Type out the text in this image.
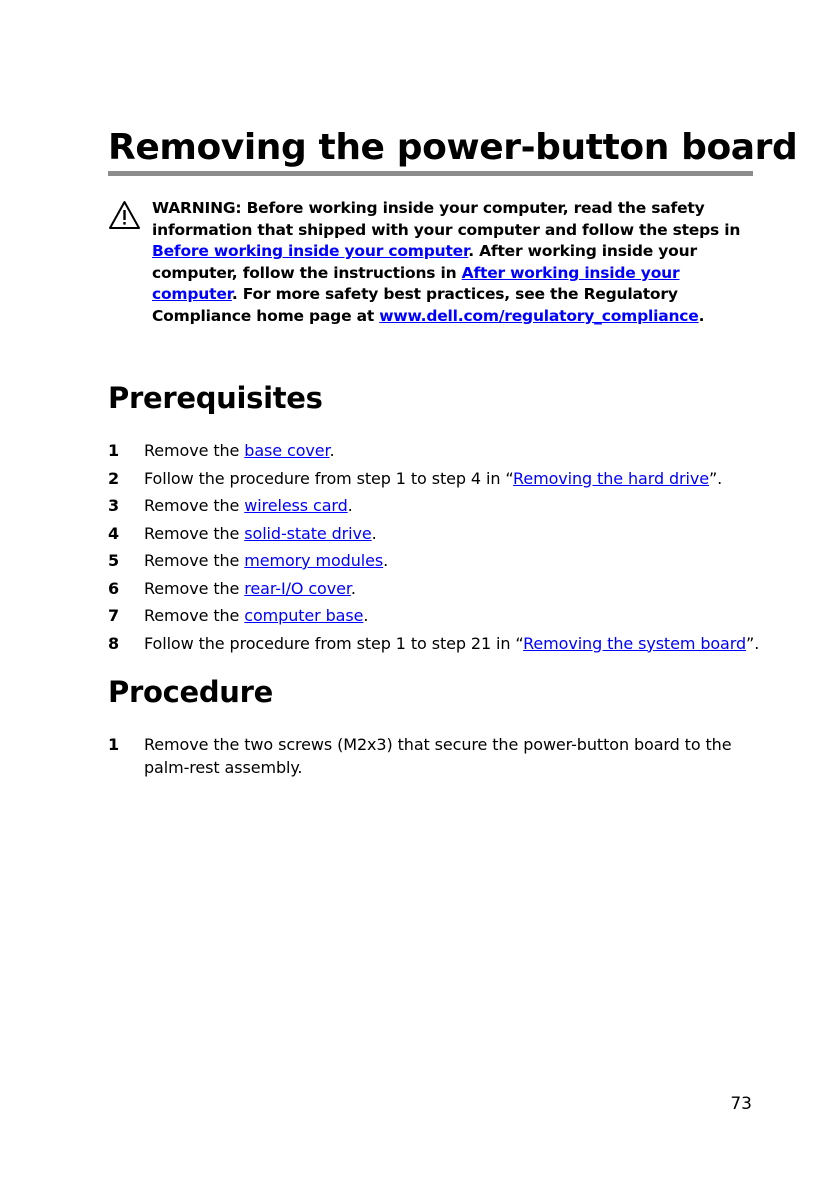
Removing the power-button board
WARNING: Before working inside your computer, read the safety information that shipped with your computer and follow the steps in Before working inside your computer. After working inside your computer, follow the instructions in After working inside your computer. For more safety best practices, see the Regulatory Compliance home page at www.dell.com/regulatory_compliance.
Prerequisites
1 Remove the base cover.
2 Follow the procedure from step 1 to step 4 in “Removing the hard drive”.
3 Remove the wireless card.
4 Remove the solid-state drive.
5 Remove the memory modules.
6 Remove the rear-I/O cover.
7 Remove the computer base.
8 Follow the procedure from step 1 to step 21 in “Removing the system board”.
Procedure
1 Remove the two screws (M2x3) that secure the power-button board to the palm-rest assembly.
73
